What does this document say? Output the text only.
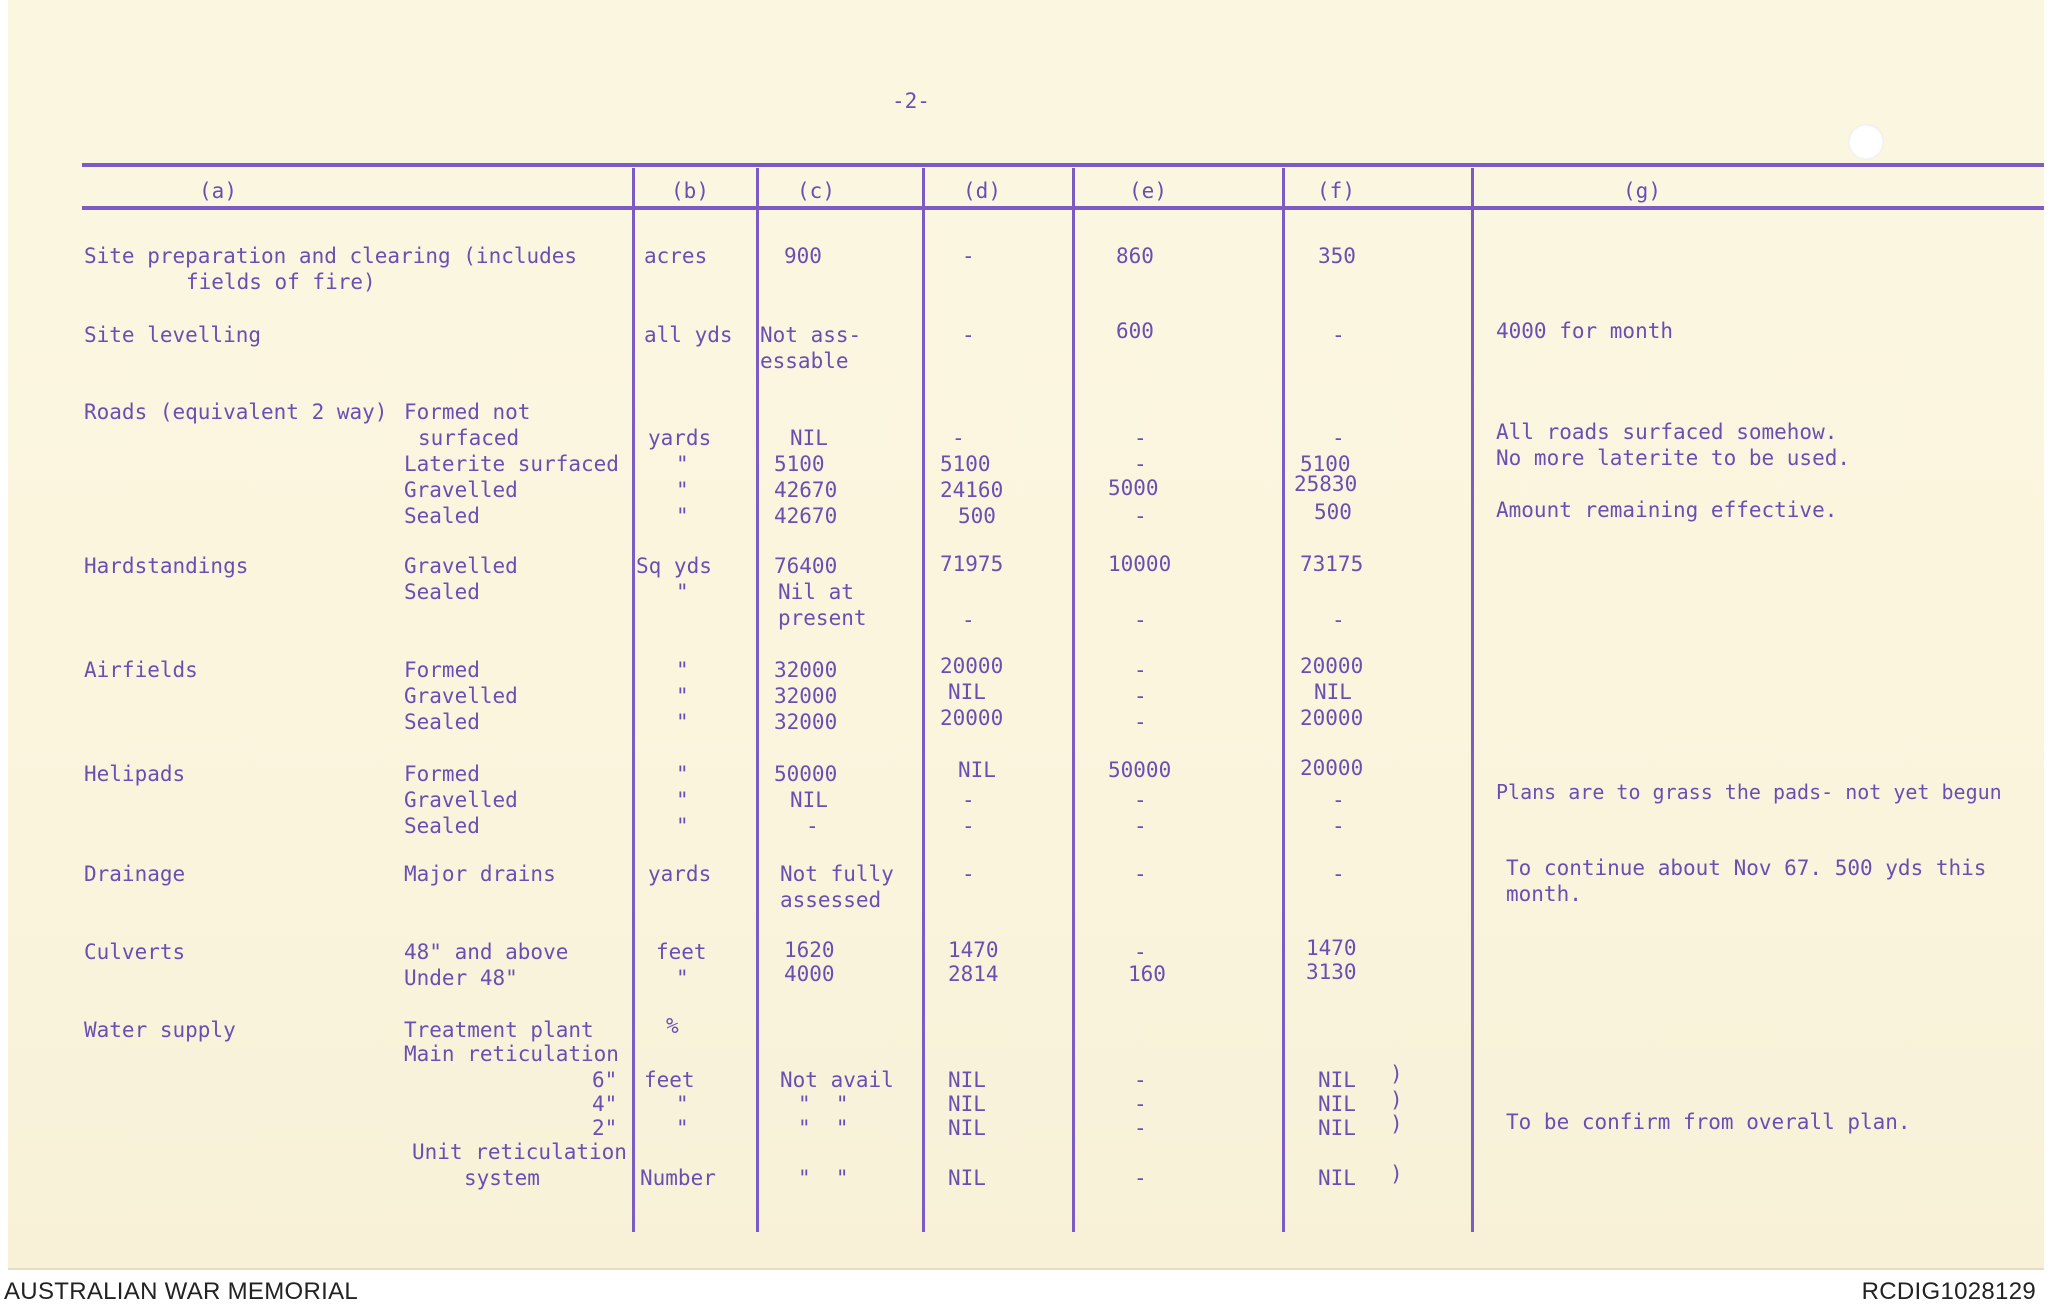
-2-
(a)	(b)	(c)	(d)	(e)	(f)	(g)
Site preparation and clearing (includes
fields of fire)
acres	900	-	860	350
Site levelling	all yds Not ass-
essable
-	600	-	4000 for month
Roads (equivalent 2 way) Formed not
surfaced	yards	NIL	-	-	-	All roads surfaced somehow.
Laterite surfaced	"	5100	5100	-	5100	No more laterite to be used.
Gravelled	"	42670	24160	5000	25830
Sealed	"	42670	500	-	500	Amount remaining effective.
Hardstandings	Gravelled	Sq yds	76400	71975	10000	73175
Sealed	"	Nil at
present	-	-	-
Airfields	Formed	"	32000	20000	-	20000
Gravelled	"	32000	NIL	-	NIL
Sealed	"	32000	20000	-	20000
Helipads	Formed	"	50000	NIL	50000	20000
Gravelled	"	NIL	-	-	-	Plans are to grass the pads- not yet begun
Sealed	"	-	-	-	-
Drainage	Major drains	yards	Not fully
assessed
-	-	-	To continue about Nov 67. 500 yds this
month.
Culverts	48" and above	feet	1620	1470	-	1470
Under 48"	"	4000	2814	160	3130
Water supply	Treatment plant	%
Main reticulation
6" feet	Not avail	NIL	-	NIL )
4"	"	"  "	NIL	-	NIL )
2"	"	"  "	NIL	-	NIL )	To be confirm from overall plan.
Unit reticulation
system	Number	"  "	NIL	-	NIL )
AUSTRALIAN WAR MEMORIAL	RCDIG1028129
